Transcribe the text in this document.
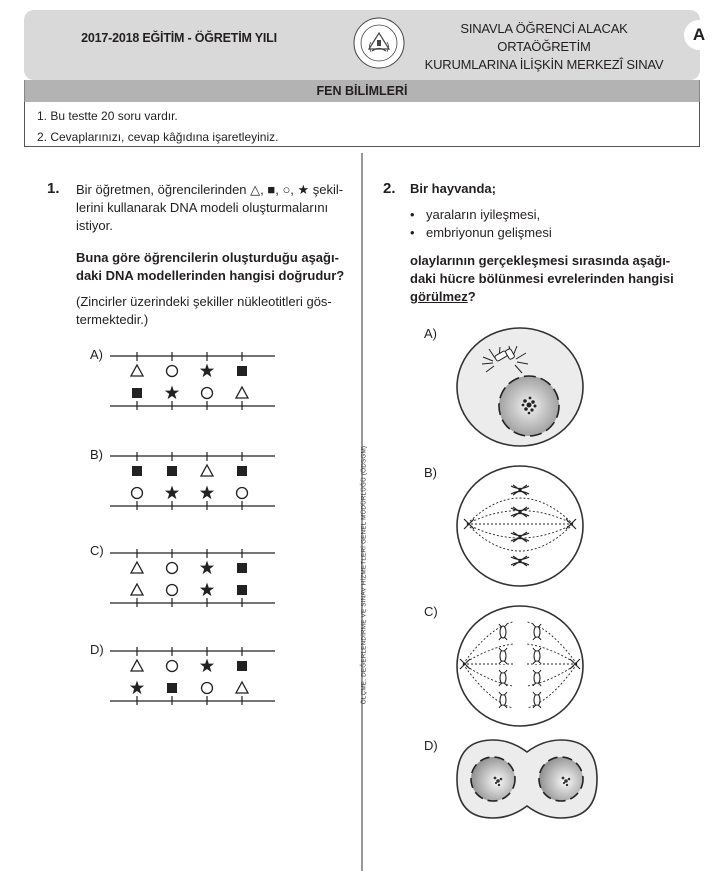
2017-2018 EĞİTİM - ÖĞRETİM YILI
SINAVLA ÖĞRENCİ ALACAK ORTAÖĞRETİM
KURUMLARINA İLİŞKİN MERKEZÎ SINAV
A
FEN BİLİMLERİ
1. Bu testte 20 soru vardır.
2. Cevaplarınızı, cevap kâğıdına işaretleyiniz.
ÖLÇME, DEĞERLENDİRME VE SINAV HİZMETLERİ GENEL MÜDÜRLÜĞÜ (ÖDSGM)
1. Bir öğretmen, öğrencilerinden △, ■, ○, ★ şekil-
lerini kullanarak DNA modeli oluşturmalarını
istiyor.
Buna göre öğrencilerin oluşturduğu aşağı-
daki DNA modellerinden hangisi doğrudur?
(Zincirler üzerindeki şekiller nükleotitleri gös-
termektedir.)
A)
B)
C)
D)
2. Bir hayvanda;
• yaraların iyileşmesi,
• embriyonun gelişmesi
olaylarının gerçekleşmesi sırasında aşağı-
daki hücre bölünmesi evrelerinden hangisi
görülmez?
A)
B)
C)
D)
